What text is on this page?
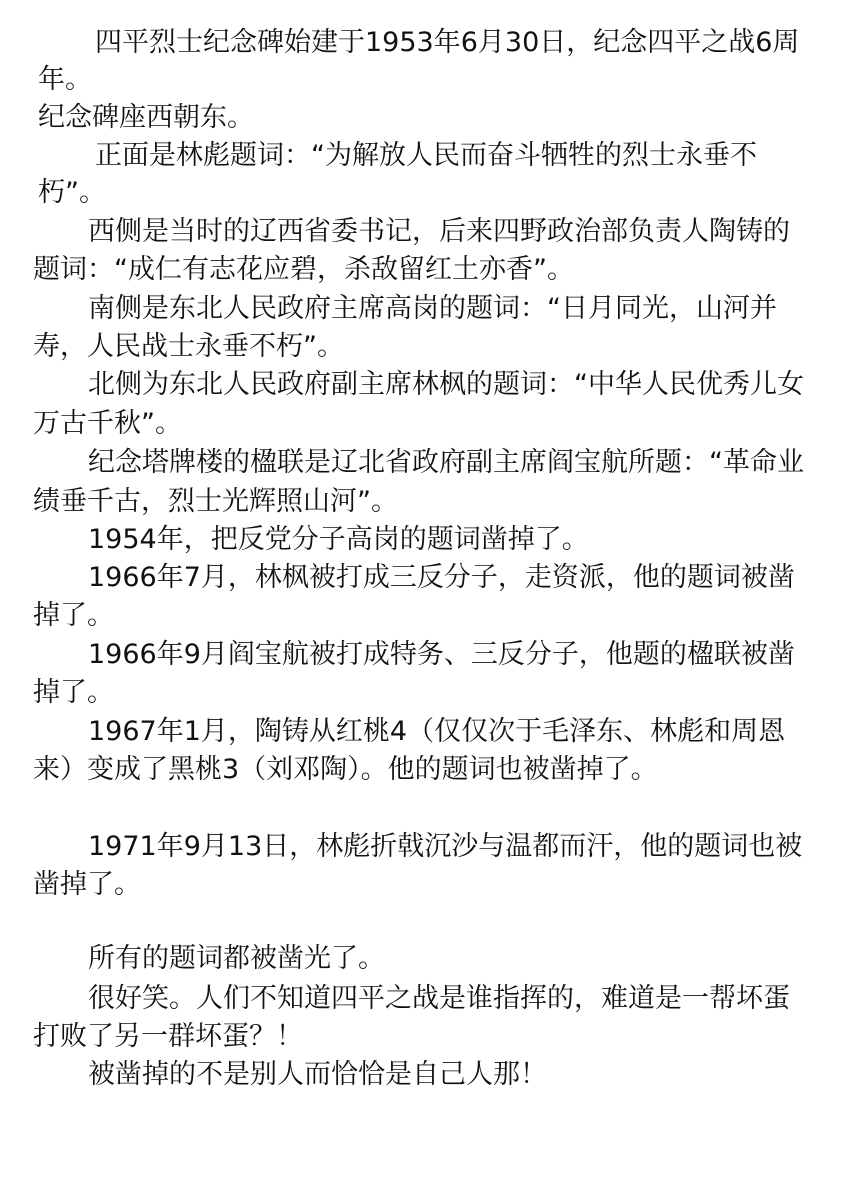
四平烈士纪念碑始建于1953年6月30日，纪念四平之战6周
年。
纪念碑座西朝东。
正面是林彪题词：“为解放人民而奋斗牺牲的烈士永垂不
朽”。
西侧是当时的辽西省委书记，后来四野政治部负责人陶铸的
题词：“成仁有志花应碧，杀敌留红土亦香”。
南侧是东北人民政府主席高岗的题词：“日月同光，山河并
寿，人民战士永垂不朽”。
北侧为东北人民政府副主席林枫的题词：“中华人民优秀儿女
万古千秋”。
纪念塔牌楼的楹联是辽北省政府副主席阎宝航所题：“革命业
绩垂千古，烈士光辉照山河”。
1954年，把反党分子高岗的题词凿掉了。
1966年7月，林枫被打成三反分子，走资派，他的题词被凿
掉了。
1966年9月阎宝航被打成特务、三反分子，他题的楹联被凿
掉了。
1967年1月，陶铸从红桃4（仅仅次于毛泽东、林彪和周恩
来）变成了黑桃3（刘邓陶）。他的题词也被凿掉了。
1971年9月13日，林彪折戟沉沙与温都而汗，他的题词也被
凿掉了。
所有的题词都被凿光了。
很好笑。人们不知道四平之战是谁指挥的，难道是一帮坏蛋
打败了另一群坏蛋？！
被凿掉的不是别人而恰恰是自己人那！
